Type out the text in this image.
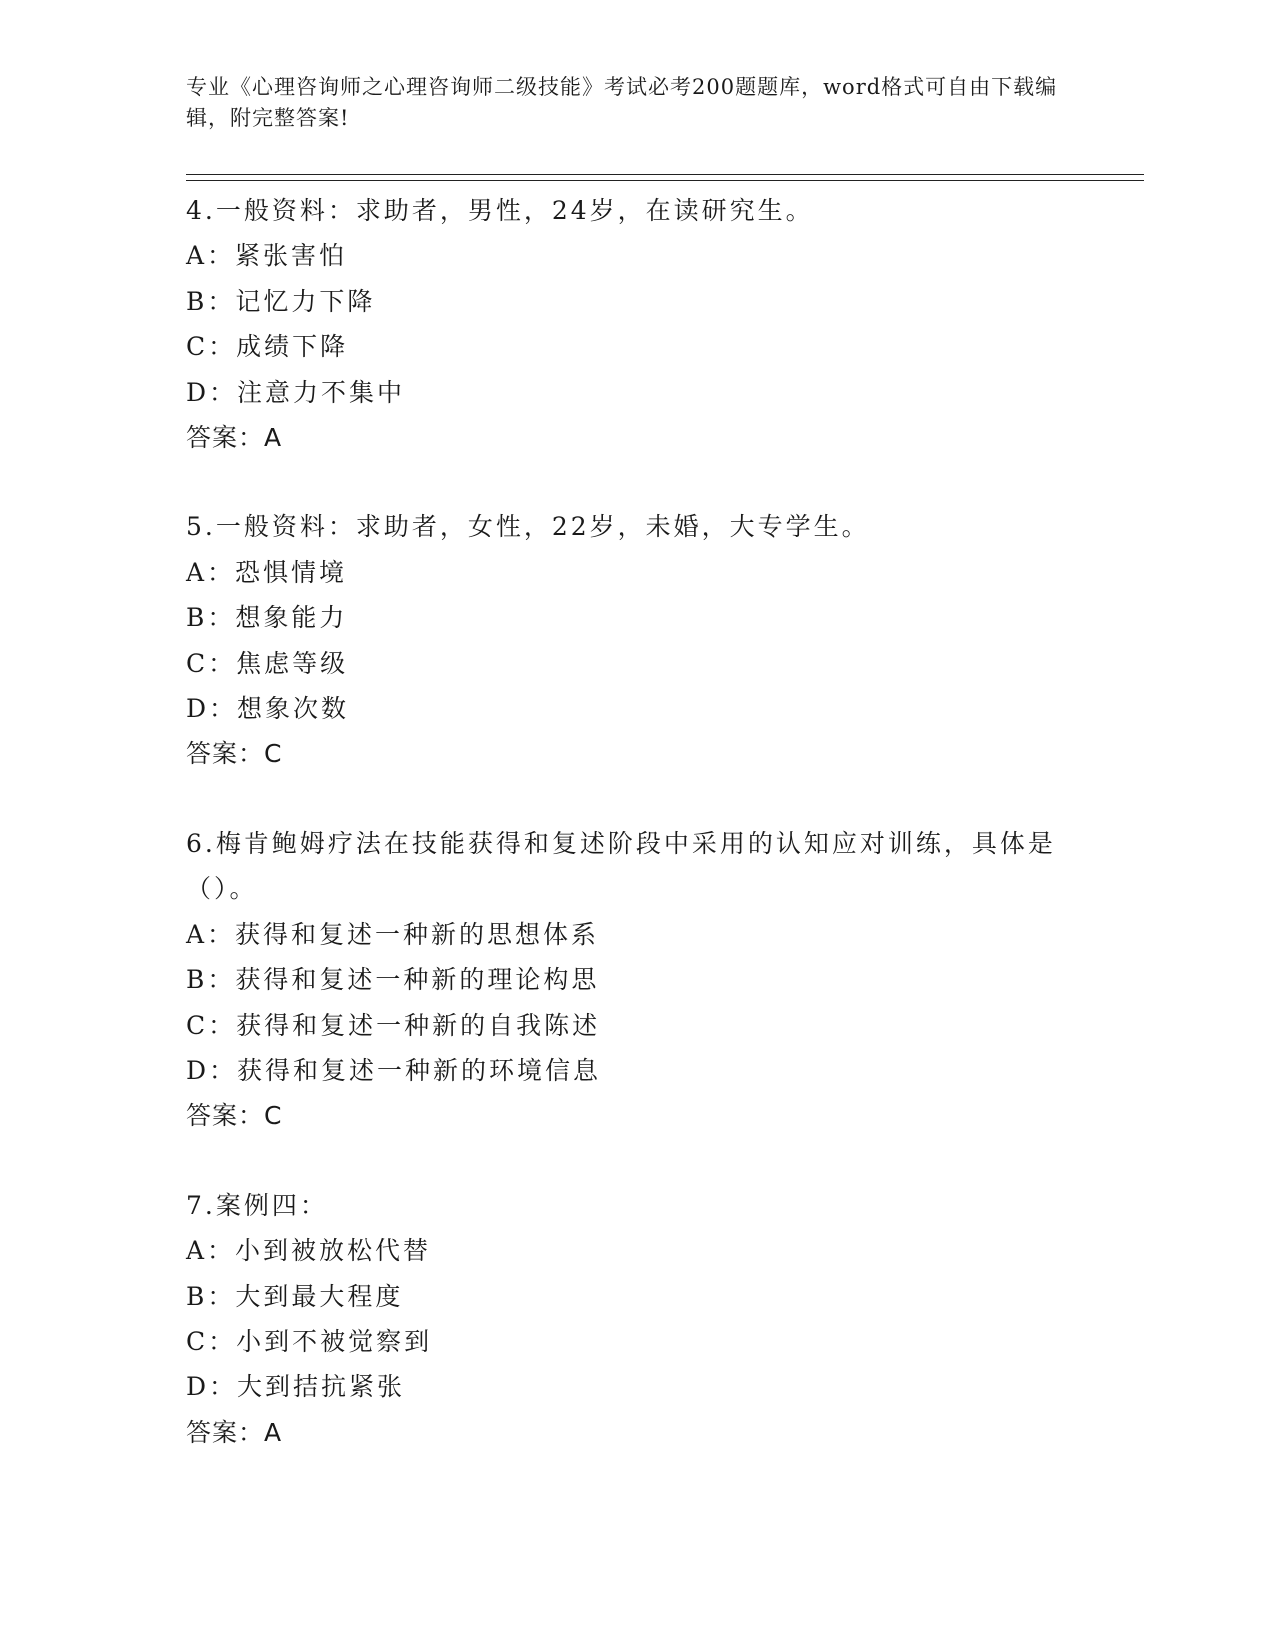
专业《心理咨询师之心理咨询师二级技能》考试必考200题题库，word格式可自由下载编辑，附完整答案!
4.一般资料：求助者，男性，24岁，在读研究生。
A：紧张害怕
B：记忆力下降
C：成绩下降
D：注意力不集中
答案：A
5.一般资料：求助者，女性，22岁，未婚，大专学生。
A：恐惧情境
B：想象能力
C：焦虑等级
D：想象次数
答案：C
6.梅肯鲍姆疗法在技能获得和复述阶段中采用的认知应对训练，具体是（）。
A：获得和复述一种新的思想体系
B：获得和复述一种新的理论构思
C：获得和复述一种新的自我陈述
D：获得和复述一种新的环境信息
答案：C
7.案例四：
A：小到被放松代替
B：大到最大程度
C：小到不被觉察到
D：大到拮抗紧张
答案：A
